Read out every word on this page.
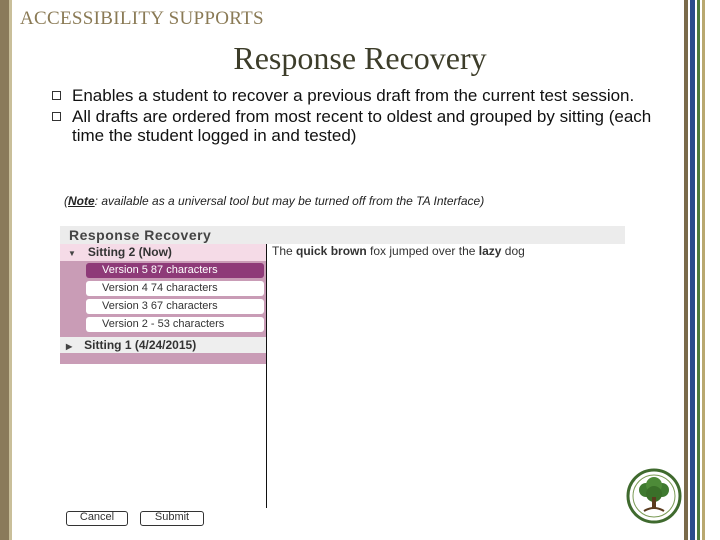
ACCESSIBILITY SUPPORTS
Response Recovery
Enables a student to recover a previous draft from the current test session.
All drafts are ordered from most recent to oldest and grouped by sitting (each time the student logged in and tested)
(Note: available as a universal tool but may be turned off from the TA Interface)
Response Recovery
▼ Sitting 2 (Now)
Version 5 87 characters
Version 4 74 characters
Version 3 67 characters
Version 2 - 53 characters
▶ Sitting 1 (4/24/2015)
The quick brown fox jumped over the lazy dog
Cancel	Submit
